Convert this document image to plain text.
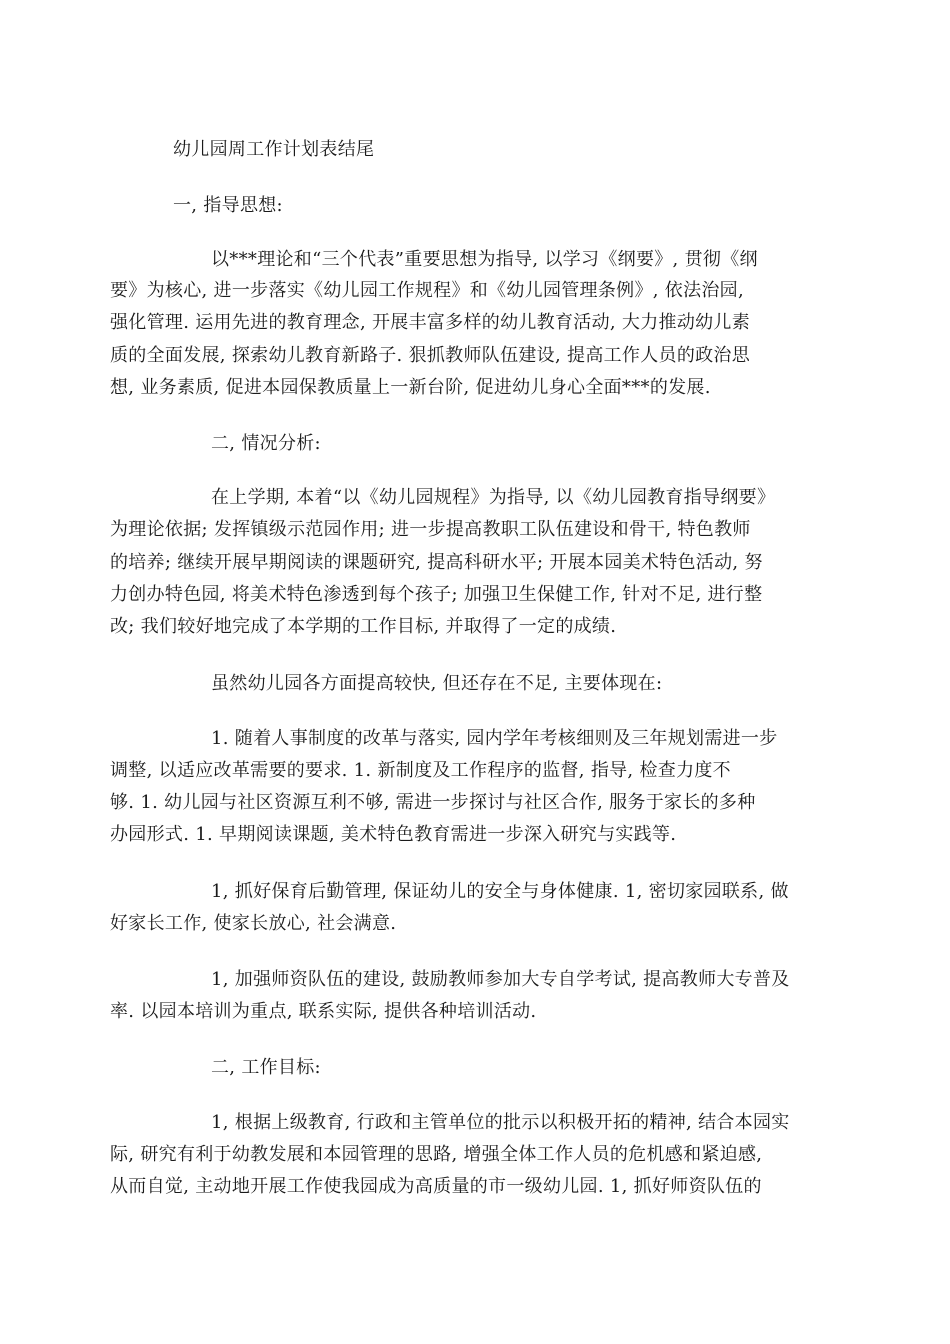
幼儿园周工作计划表结尾
一, 指导思想:
以***理论和“三个代表”重要思想为指导, 以学习《纲要》, 贯彻《纲
要》为核心, 进一步落实《幼儿园工作规程》和《幼儿园管理条例》, 依法治园,
强化管理. 运用先进的教育理念, 开展丰富多样的幼儿教育活动, 大力推动幼儿素
质的全面发展, 探索幼儿教育新路子. 狠抓教师队伍建设, 提高工作人员的政治思
想, 业务素质, 促进本园保教质量上一新台阶, 促进幼儿身心全面***的发展.
二, 情况分析:
在上学期, 本着“以《幼儿园规程》为指导, 以《幼儿园教育指导纲要》
为理论依据; 发挥镇级示范园作用; 进一步提高教职工队伍建设和骨干, 特色教师
的培养; 继续开展早期阅读的课题研究, 提高科研水平; 开展本园美术特色活动, 努
力创办特色园, 将美术特色渗透到每个孩子; 加强卫生保健工作, 针对不足, 进行整
改; 我们较好地完成了本学期的工作目标, 并取得了一定的成绩.
虽然幼儿园各方面提高较快, 但还存在不足, 主要体现在:
1. 随着人事制度的改革与落实, 园内学年考核细则及三年规划需进一步
调整, 以适应改革需要的要求. 1. 新制度及工作程序的监督, 指导, 检查力度不
够. 1. 幼儿园与社区资源互利不够, 需进一步探讨与社区合作, 服务于家长的多种
办园形式. 1. 早期阅读课题, 美术特色教育需进一步深入研究与实践等.
1, 抓好保育后勤管理, 保证幼儿的安全与身体健康. 1, 密切家园联系, 做
好家长工作, 使家长放心, 社会满意.
1, 加强师资队伍的建设, 鼓励教师参加大专自学考试, 提高教师大专普及
率. 以园本培训为重点, 联系实际, 提供各种培训活动.
二, 工作目标:
1, 根据上级教育, 行政和主管单位的批示以积极开拓的精神, 结合本园实
际, 研究有利于幼教发展和本园管理的思路, 增强全体工作人员的危机感和紧迫感,
从而自觉, 主动地开展工作使我园成为高质量的市一级幼儿园. 1, 抓好师资队伍的
